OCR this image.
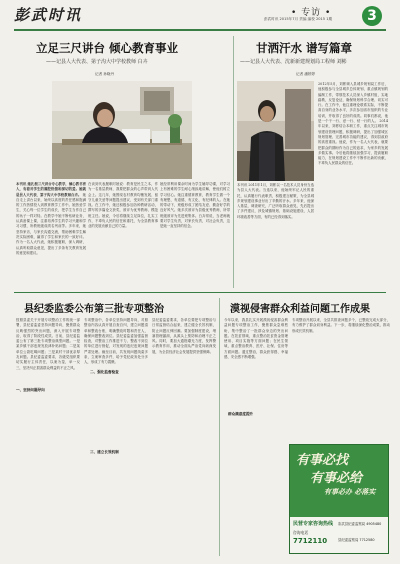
彭武时讯	• 专访 •
彭武时讯 2015年7月 责编 编校 2015 1期	3
立足三尺讲台 倾心教育事业
——记县人大代表、第子沟大中学校教师 白卉
记者 孙晓丹
本刊讯 她扎根三尺讲台专心教学，倾心教书育人，有着对学生的满腔热情和深切的爱。她就是县人大代表、第子沟大中学校教师白卉。 她自走上讲台以来，始终以高度的责任感和饱满的工作热情投入到教育教学工作中。她热爱学生，关心每一位学生的成长，把学生当作自己的孩子一样对待。在教学中她不断钻研业务，认真备课上课，注重培养学生的学习兴趣和学习习惯，所教班级成绩名列前茅。多年来，她坚持家访，与家长沟通交流，帮助困难学生解决实际困难，赢得了学生和家长的一致好评。作为一名人大代表，她积极履职，深入调研，认真听取群众意见，提出了多条有关教育发展的意见和建议。
在谈到代表履职时她说：教育是民生之本，作为一名基层教师，我要把群众的心声带到人代会上。这几年，她围绕农村教育均衡发展、留守儿童关爱等问题提出建议，受到有关部门重视。在工作中，她还积极参加各种教研活动，撰写的多篇论文获奖，被评为优秀教师、模范班主任。她说，今后将继续立足岗位，扎实工作，不辜负人民的信任和重托，为全县教育事业的发展贡献自己的力量。
她经常利用课余时间为学生辅导功课，对学习上有困难的学生耐心细致地讲解，使他们树立学习信心。她注重德育教育，教育学生做一个有理想、有道德、有文化、有纪律的人。在她的带动下，班级形成了团结友爱、勤奋好学的良好风气。她多次被评为县级优秀教师，所带班级被评为先进班集体。白卉常说，当老师就要对学生负责，对家长负责，对社会负责，这是她一直坚持的信念。
甘洒汗水 谱写篇章
——记县人大代表、沈新新建规划局工程师 刘彬
记者 潘婷婷
本刊讯 2011年1月，刘彬以一名技术人员身份当选为县人大代表。当选以来，他始终牢记人民的重托，认真履行代表职责，积极建言献策，为全县城乡规划建设事业付出了辛勤的汗水。多年来，他深入基层，调查研究，广泛听取群众意见，先后提出了多件建议，涉及城镇规划、基础设施建设、人居环境改善等方面，有的已经得到落实。
2012年5月，刘彬调入县城乡规划局工作后，他积极参与全县城乡总体规划、重点镇规划的编制工作，带领技术人员深入乡镇村组，实地踏勘，反复论证，确保规划科学合理、切实可行。在工作中，他注重理论联系实际，不断提高自身的业务水平，多次参加省市组织的专业培训，并取得了良好的成绩。同事们都说，他是一个干一行、爱一行、钻一行的人。 2014年以来，刘彬结合本职工作，重点关注城市规划建设管理问题，积极调研，提出了加强城区规划管理、完善城市功能的建议，得到县政府的高度重视。他说，作为一名人大代表，就要把群众的期盼作为自己的追求，为家乡的发展多做实事。今后他将继续加强学习，提高履职能力，在规划建设工作中不断作出新的贡献，不辜负人民群众的信任。
县纪委监委公布第三批专项整治
按照县委关于开展专项整治工作的统一部署，县纪委监委坚持问题导向，聚焦群众反映强烈的突出问题，深入开展专项整治，取得了阶段性成效。日前，县纪委监委公布了第三批专项整治典型问题。一是某乡镇干部违规发放津补贴问题；二是某单位公款吃喝问题；三是某村干部优亲厚友问题。县纪委监委要求，各级党组织要切实履行主体责任，以案为鉴，举一反三，坚决纠正损害群众利益的不正之风。
一、坚持问题导向
专项整治中，各单位坚持问题导向，对照整治内容认真开展自查自纠，建立问题清单和整改台账，明确整改时限和责任人，确保问题整改到位。县纪委监委加强监督检查，对整治工作推进不力、整改不到位的单位进行督促，对发现的违纪违规问题严肃处理。截至目前，共发现问题线索多条，立案审查多件，给予党纪政务处分多人，形成了有力震慑。
二、强化监督检查
三、建立长效机制
县纪委监委要求，各单位要把专项整治与日常监督结合起来，建立健全长效机制，防止问题反弹回潮。要加强制度建设，堵塞管理漏洞，从源头上预防和治理不正之风。同时，要加大通报曝光力度，发挥警示教育作用，推动全面从严治党向纵深发展，为全县经济社会发展提供坚强保障。
漠视侵害群众利益问题工作成果
今年以来，我县扎实开展漠视侵害群众利益问题专项整治工作，聚焦群众急难愁盼，集中整治了一批群众身边的突出问题。在扶贫领域，重点整治扶贫资金管理使用、项目实施等方面问题；在民生领域，重点整治教育、医疗、社保、住房等方面问题。通过整治，群众获得感、幸福感、安全感不断增强。
群众满意度提升
专项整治开展以来，全县共排查问题多个，已整改完成大部分，有力维护了群众切身利益。下一步，将继续深化整治成果，推动形成长效机制。
有事必找
有事必给
有事必办 必落实
民营专家咨询热线
咨询电话
7712110
彩武县纪委监察局 4905480
县纪委监察局 7712580
